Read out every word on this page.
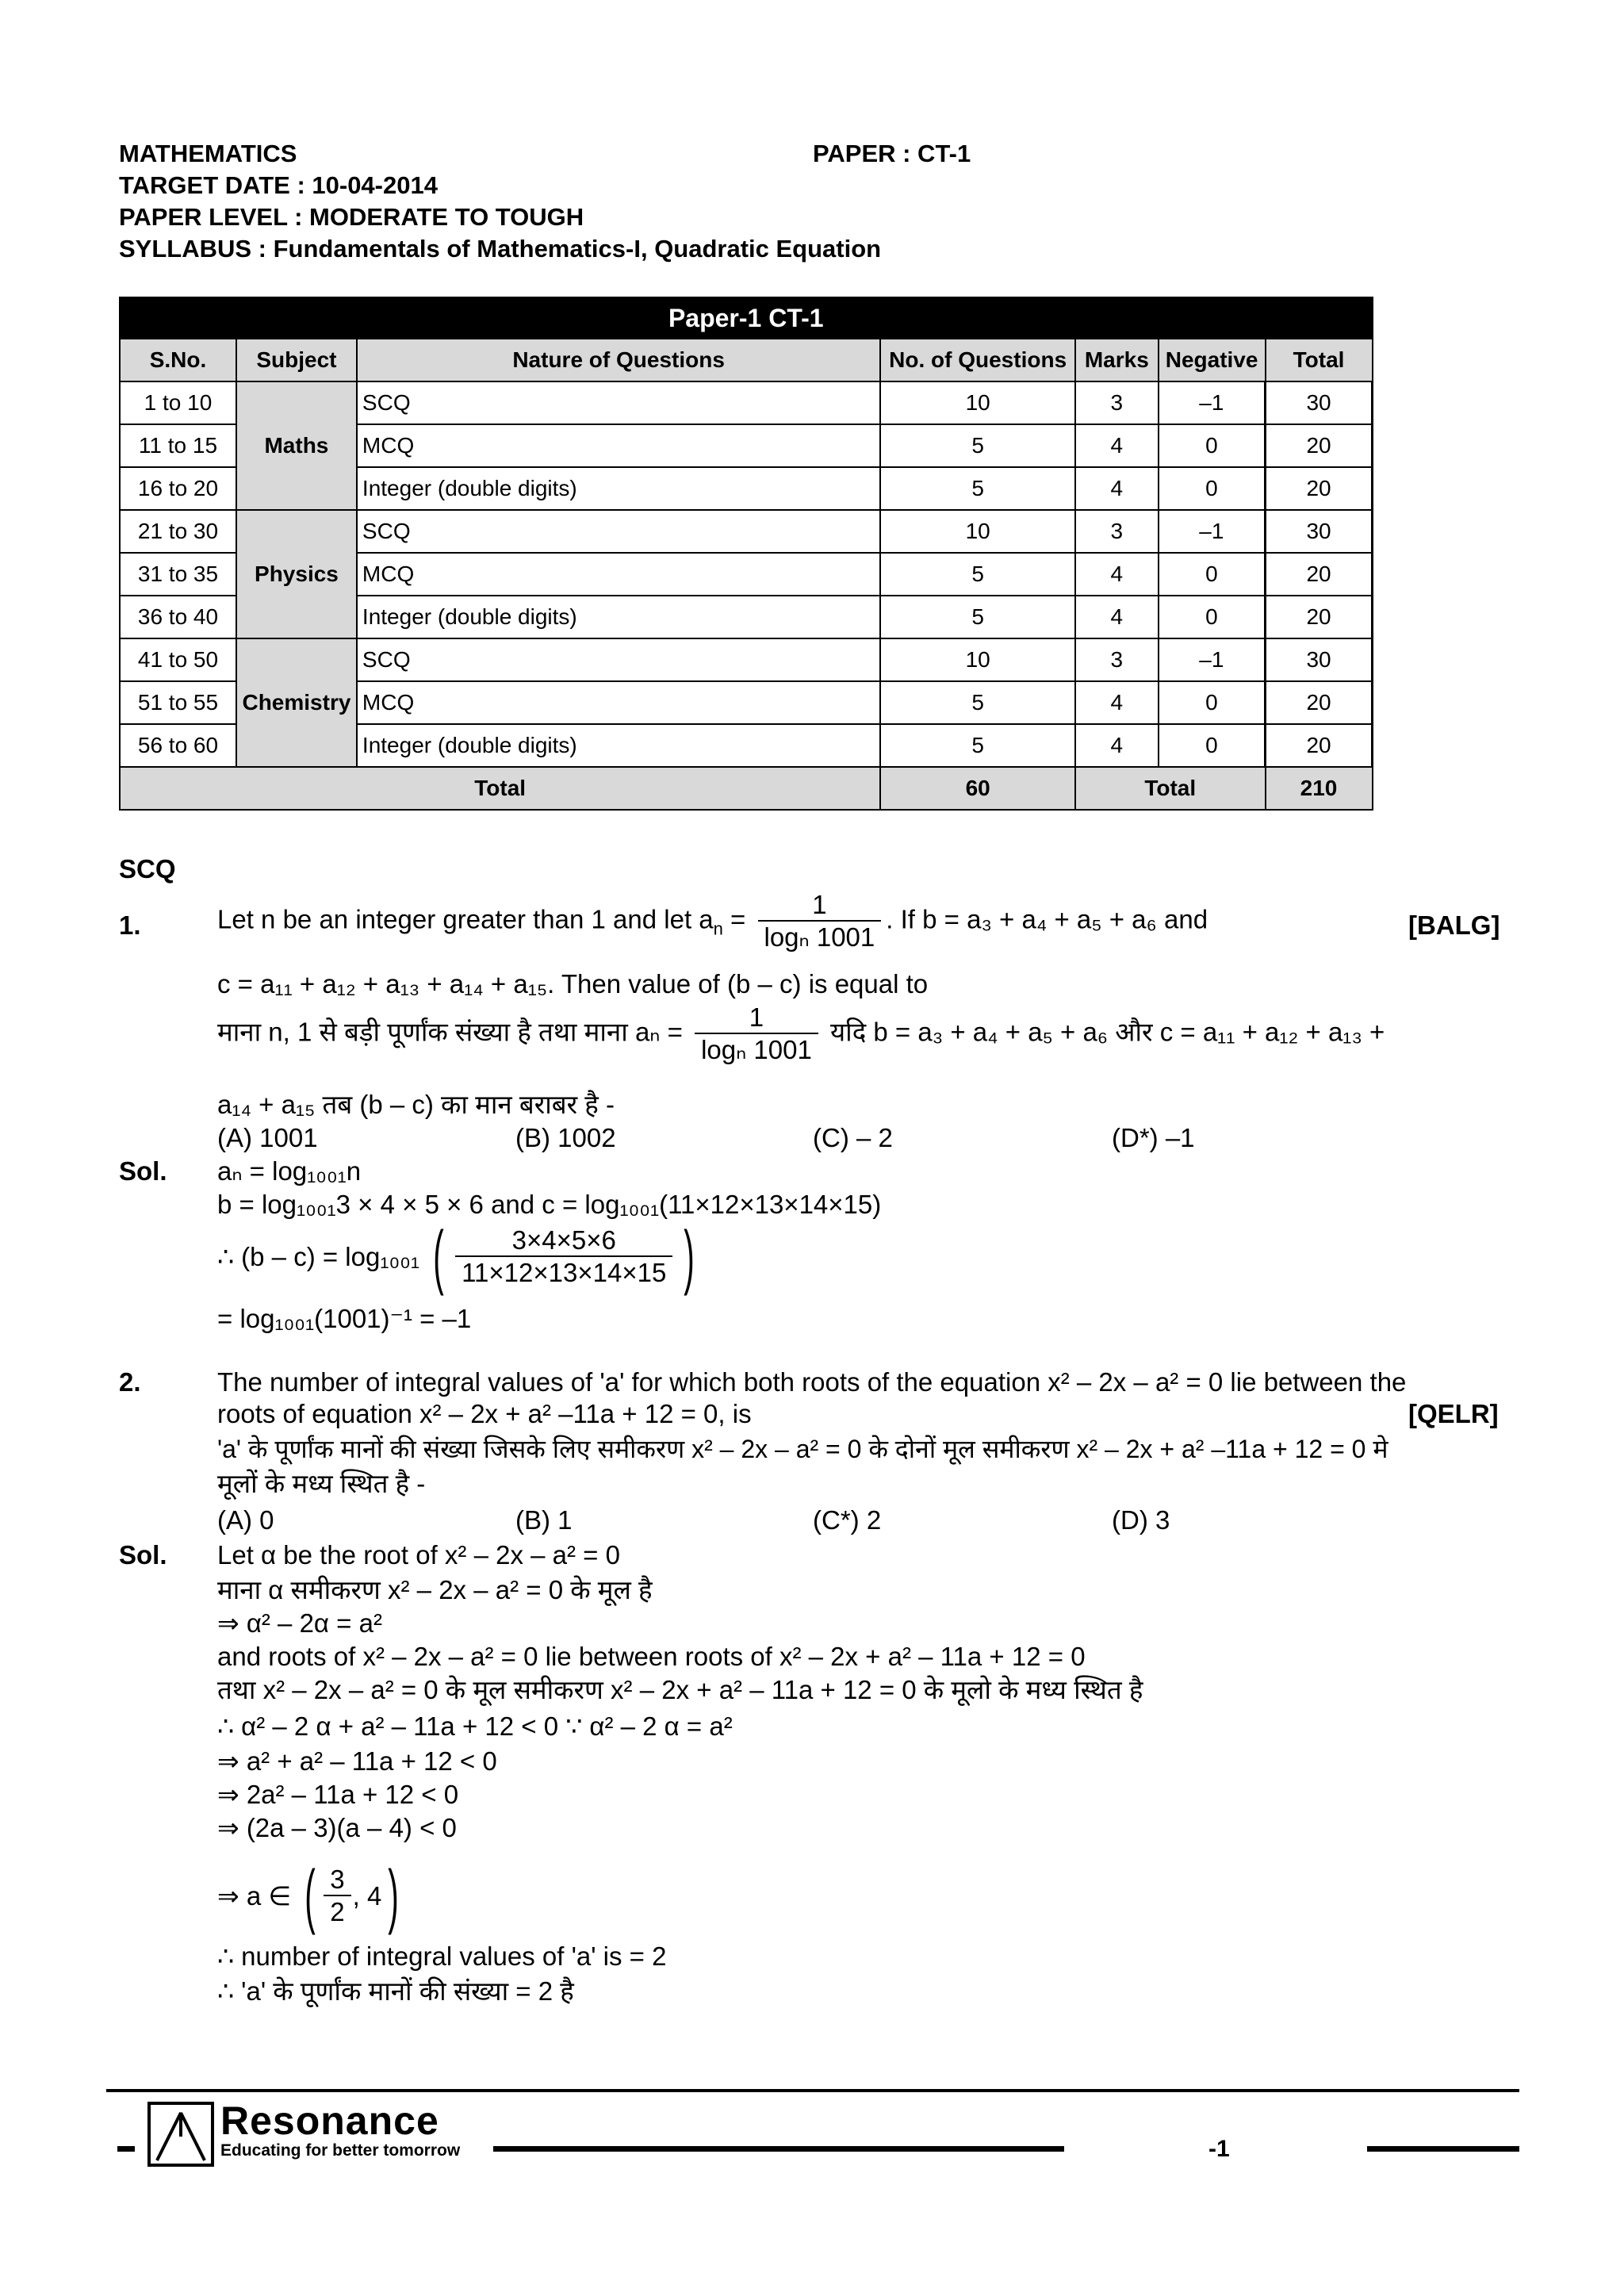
MATHEMATICS	PAPER : CT-1
TARGET DATE : 10-04-2014
PAPER LEVEL : MODERATE TO TOUGH
SYLLABUS : Fundamentals of Mathematics-I, Quadratic Equation
Paper-1 CT-1						
S.No.	Subject	Nature of Questions	No. of Questions	Marks	Negative	Total
1 to 10	Maths	SCQ	10	3	–1	30
11 to 15		MCQ	5	4	0	20
16 to 20		Integer (double digits)	5	4	0	20
21 to 30	Physics	SCQ	10	3	–1	30
31 to 35		MCQ	5	4	0	20
36 to 40		Integer (double digits)	5	4	0	20
41 to 50	Chemistry	SCQ	10	3	–1	30
51 to 55		MCQ	5	4	0	20
56 to 60		Integer (double digits)	5	4	0	20
Total			60	Total		210
SCQ
1.	Let n be an integer greater than 1 and let $a_n = \frac{1}{\text{logₙ 1001}}$ . If b = a₃ + a₄ + a₅ + a₆ and	[BALG]
c = a₁₁ + a₁₂ + a₁₃ + a₁₄ + a₁₅. Then value of (b – c) is equal to
माना n, 1 से बड़ी पूर्णांक संख्या है तथा माना $a_n = \frac{1}{\text{logₙ 1001}}$ यदि b = a₃ + a₄ + a₅ + a₆ और c = a₁₁ + a₁₂ + a₁₃ +
a₁₄ + a₁₅ तब (b – c) का मान बराबर है -
(A) 1001	(B) 1002	(C) – 2	(D*) –1
Sol. aₙ = log₁₀₀₁n
b = log₁₀₀₁3 × 4 × 5 × 6 and c = log₁₀₀₁(11×12×13×14×15)
∴ (b – c) = log₁₀₀₁ ( $\frac{3\times 4\times 5\times 6}{11\times 12\times 13\times 14\times 15}$ )
= log₁₀₀₁(1001)⁻¹ = –1
2.	The number of integral values of 'a' for which both roots of the equation x² – 2x – a² = 0 lie between the
roots of equation x² – 2x + a² –11a + 12 = 0, is	[QELR]
'a' के पूर्णांक मानों की संख्या जिसके लिए समीकरण x² – 2x – a² = 0 के दोनों मूल समीकरण x² – 2x + a² –11a + 12 = 0 मे
मूलों के मध्य स्थित है -
(A) 0	(B) 1	(C*) 2	(D) 3
Sol. Let α be the root of x² – 2x – a² = 0
माना α समीकरण x² – 2x – a² = 0 के मूल है
⇒ α² – 2α = a²
and roots of x² – 2x – a² = 0 lie between roots of x² – 2x + a² – 11a + 12 = 0
तथा x² – 2x – a² = 0 के मूल समीकरण x² – 2x + a² – 11a + 12 = 0 के मूलो के मध्य स्थित है
∴ α² – 2 α + a² – 11a + 12 < 0 ∵ α² – 2 α = a²
⇒ a² + a² – 11a + 12 < 0
⇒ 2a² – 11a + 12 < 0
⇒ (2a – 3)(a – 4) < 0
⇒ a ∈ ( $\frac{3}{2}$ , 4)
∴ number of integral values of 'a' is = 2
∴ 'a' के पूर्णांक मानों की संख्या = 2 है
Resonance
Educating for better tomorrow	-1
